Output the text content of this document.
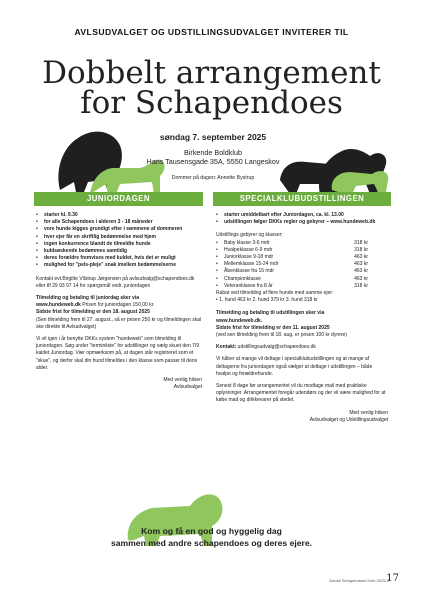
AVLSUDVALGET OG UDSTILLINGSUDVALGET INVITERER TIL
Dobbelt arrangement
for Schapendoes
søndag 7. september 2025
Birkende Boldklub
Hans Tausensgade 35A, 5550 Langeskov
Dommer på dagen: Annette Bystrup
JUNIORDAGEN	SPECIALKLUBUDSTILLINGEN
• starter kl. 9.30
• for alle Schapendoes i alderen 3 - 18 måneder
• vore hunde kigges grundigt efter i sømmene af dommeren
• hver ejer får en skriftlig bedømmelse med hjem
• ingen konkurrence blandt de tilmeldte hunde
• kuldsøskende bedømmes samtidig
• deres forældre fremvises med kuldet, hvis det er muligt
• mulighed for "pels-pleje" snak imellem bedømmelserne

Kontakt evt.Birgitte Vilstrup Jørgensen på avlsudvalg@schapendoes.dk eller tlf 29 93 97 14 for spørgsmål vedr. juniordagen

Tilmelding og betaling til juniordag sker via
www.hundeweb.dk Prisen for juniordagen 150,00 kr.
Sidste frist for tilmelding er den 18. august 2025
(Sen tilmelding frem til 27. august., så er prisen 250 kr og tilmeldingen skal ske direkte til Avlsudvalget)

Vi vil igen i år benytte DKKs system "hundeweb" som tilmelding til juniordagen. Søg under "terminliste" for udstillinger og vælg skuet den 7/9 kaldet Juniordag. Vær opmærksom på, at dagen står registreret som et "skue", og derfor skal din hund tilmeldes i den klasse som passer til dens alder.

Med venlig hilsen
Avlsudvalget
• starter umiddelbart efter Juniordagen, ca. kl. 13.00
• udstillingen følger DKKs regler og gebyrer – www.hundeweb.dk
Udstillings gebyrer og klasser:
• Baby klasse 3-6 mdr	318 kr
• Hvalpeklasse 6-9 mdr	318 kr
• Juniorklasse 9-18 mdr	463 kr
• Mellemklasse 15-24 mdr	463 kr
• Åbenklasse fra 15 mdr	463 kr
• Championklasse	463 kr
• Veteranklasse fra 8 år	318 kr
Rabat ved tilmelding af flere hunde med samme ejer:
• 1. hund 463 kr 2. hund 379 kr 3. hund 318 kr

Tilmelding og betaling til udstillingen sker via
www.hundeweb.dk.
Sidste frist for tilmelding er den 11. august 2025
(ved sen tilmelding frem til 18. aug. er prisen 100 kr dyrere)

Kontakt: udstillingsudvalg@schapendoes.dk

Vi håber at mange vil deltage i specialklubudstillingen og at mange af deltagerne fra juniordagen også vælger at deltage i udstillingen – både hvalpe og forældrehunde.

Senest 8 dage før arrangementet vil du modtage mail med praktiske oplysninger. Arrangementet foregår udendørs og der vil være mulighed for at købe mad og drikkevarer på stedet.

Med venlig hilsen
Avlsudvalget og Udstillingsudvalget
Kom og få en god og hyggelig dag
sammen med andre schapendoes og deres ejere.
Dansk Schapendoes Klub 2025-2
17
